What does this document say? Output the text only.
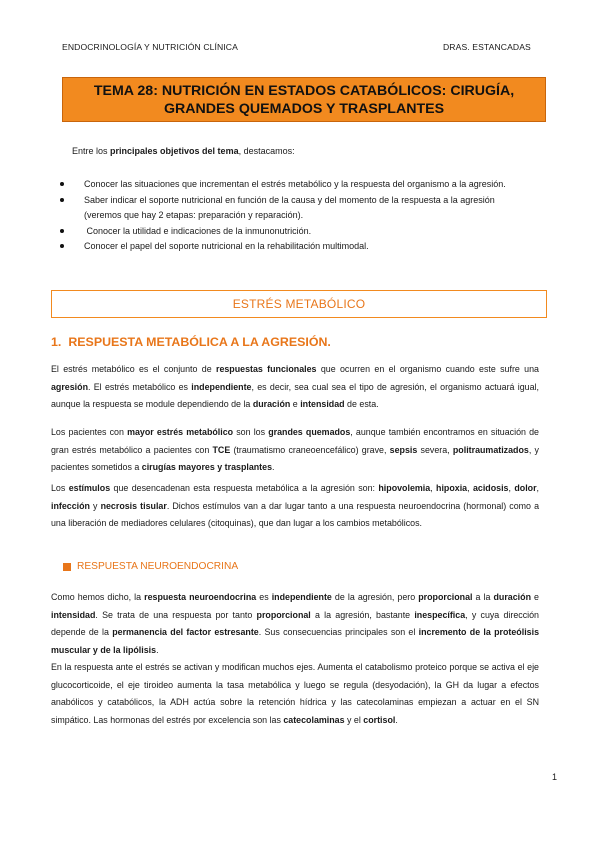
ENDOCRINOLOGÍA Y NUTRICIÓN CLÍNICA	DRAS. ESTANCADAS
TEMA 28: NUTRICIÓN EN ESTADOS CATABÓLICOS: CIRUGÍA,
GRANDES QUEMADOS Y TRASPLANTES
Entre los principales objetivos del tema, destacamos:
Conocer las situaciones que incrementan el estrés metabólico y la respuesta del organismo a la agresión.
Saber indicar el soporte nutricional en función de la causa y del momento de la respuesta a la agresión (veremos que hay 2 etapas: preparación y reparación).
Conocer la utilidad e indicaciones de la inmunonutrición.
Conocer el papel del soporte nutricional en la rehabilitación multimodal.
ESTRÉS METABÓLICO
1. RESPUESTA METABÓLICA A LA AGRESIÓN.
El estrés metabólico es el conjunto de respuestas funcionales que ocurren en el organismo cuando este sufre una agresión. El estrés metabólico es independiente, es decir, sea cual sea el tipo de agresión, el organismo actuará igual, aunque la respuesta se module dependiendo de la duración e intensidad de esta.
Los pacientes con mayor estrés metabólico son los grandes quemados, aunque también encontramos en situación de gran estrés metabólico a pacientes con TCE (traumatismo craneoencefálico) grave, sepsis severa, politraumatizados, y pacientes sometidos a cirugías mayores y trasplantes.
Los estímulos que desencadenan esta respuesta metabólica a la agresión son: hipovolemia, hipoxia, acidosis, dolor, infección y necrosis tisular. Dichos estímulos van a dar lugar tanto a una respuesta neuroendocrina (hormonal) como a una liberación de mediadores celulares (citoquinas), que dan lugar a los cambios metabólicos.
RESPUESTA NEUROENDOCRINA
Como hemos dicho, la respuesta neuroendocrina es independiente de la agresión, pero proporcional a la duración e intensidad. Se trata de una respuesta por tanto proporcional a la agresión, bastante inespecífica, y cuya dirección depende de la permanencia del factor estresante. Sus consecuencias principales son el incremento de la proteólisis muscular y de la lipólisis.
En la respuesta ante el estrés se activan y modifican muchos ejes. Aumenta el catabolismo proteico porque se activa el eje glucocorticoide, el eje tiroideo aumenta la tasa metabólica y luego se regula (desyodación), la GH da lugar a efectos anabólicos y catabólicos, la ADH actúa sobre la retención hídrica y las catecolaminas empiezan a actuar en el SN simpático. Las hormonas del estrés por excelencia son las catecolaminas y el cortisol.
1
